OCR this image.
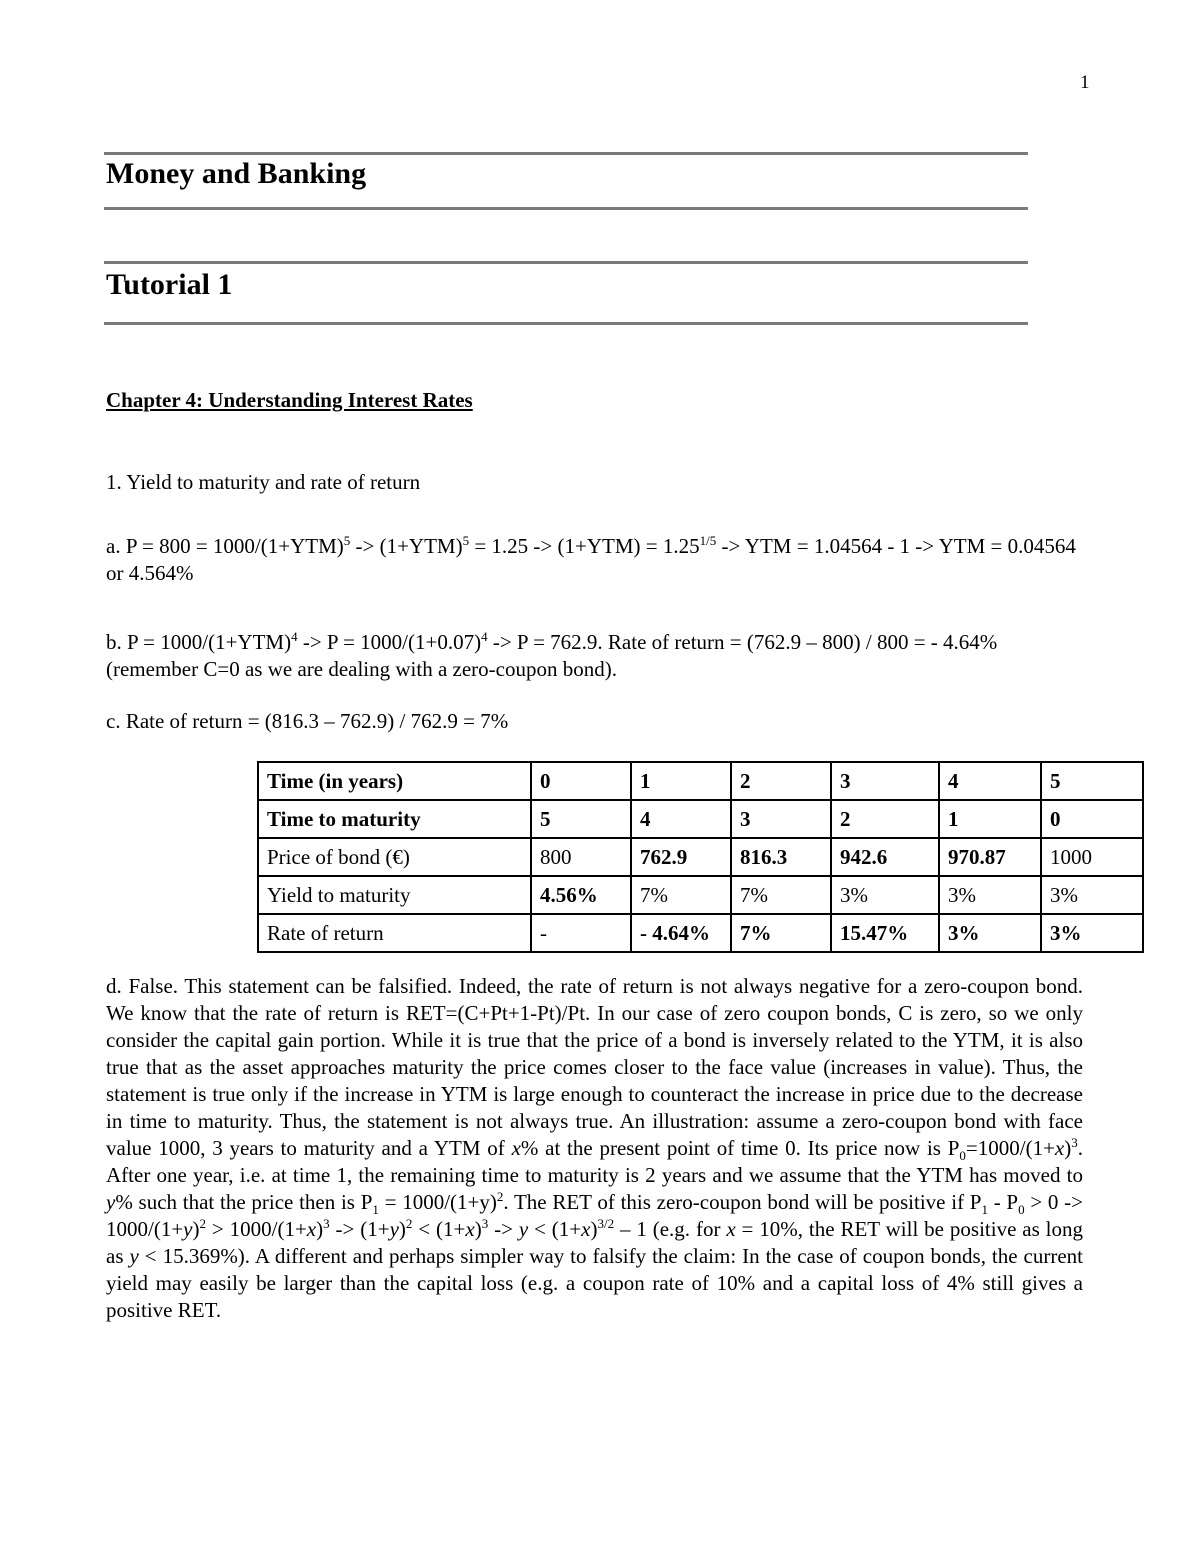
1
Money and Banking
Tutorial 1
Chapter 4: Understanding Interest Rates
1. Yield to maturity and rate of return
a. $P = 800 = 1000/(1+YTM)^5 -> (1+YTM)^5 = 1.25 -> (1+YTM) = 1.25^{1/5}$ -> YTM = 1.04564 - 1 -> YTM = 0.04564 or 4.564%
b. $P = 1000/(1+YTM)^4 -> P = 1000/(1+0.07)^4 -> P = 762.9$. Rate of return = (762.9 – 800) / 800 = - 4.64% (remember C=0 as we are dealing with a zero-coupon bond).
c. Rate of return = (816.3 – 762.9) / 762.9 = 7%
Time (in years)	0	1	2	3	4	5
Time to maturity	5	4	3	2	1	0
Price of bond (€)	800	762.9	816.3	942.6	970.87	1000
Yield to maturity	4.56%	7%	7%	3%	3%	3%
Rate of return	-	- 4.64%	7%	15.47%	3%	3%
d. False. This statement can be falsified. Indeed, the rate of return is not always negative for a zero-coupon bond. We know that the rate of return is RET=(C+Pt+1-Pt)/Pt. In our case of zero coupon bonds, C is zero, so we only consider the capital gain portion. While it is true that the price of a bond is inversely related to the YTM, it is also true that as the asset approaches maturity the price comes closer to the face value (increases in value). Thus, the statement is true only if the increase in YTM is large enough to counteract the increase in price due to the decrease in time to maturity. Thus, the statement is not always true. An illustration: assume a zero-coupon bond with face value 1000, 3 years to maturity and a YTM of x% at the present point of time 0. Its price now is $P_0=1000/(1+x)^3$. After one year, i.e. at time 1, the remaining time to maturity is 2 years and we assume that the YTM has moved to y% such that the price then is $P_1 = 1000/(1+y)^2$. The RET of this zero-coupon bond will be positive if $P_1 - P_0 > 0 -> 1000/(1+y)^2 > 1000/(1+x)^3 -> (1+y)^2 < (1+x)^3 -> y < (1+x)^{3/2} - 1$ (e.g. for x = 10%, the RET will be positive as long as y < 15.369%). A different and perhaps simpler way to falsify the claim: In the case of coupon bonds, the current yield may easily be larger than the capital loss (e.g. a coupon rate of 10% and a capital loss of 4% still gives a positive RET.
